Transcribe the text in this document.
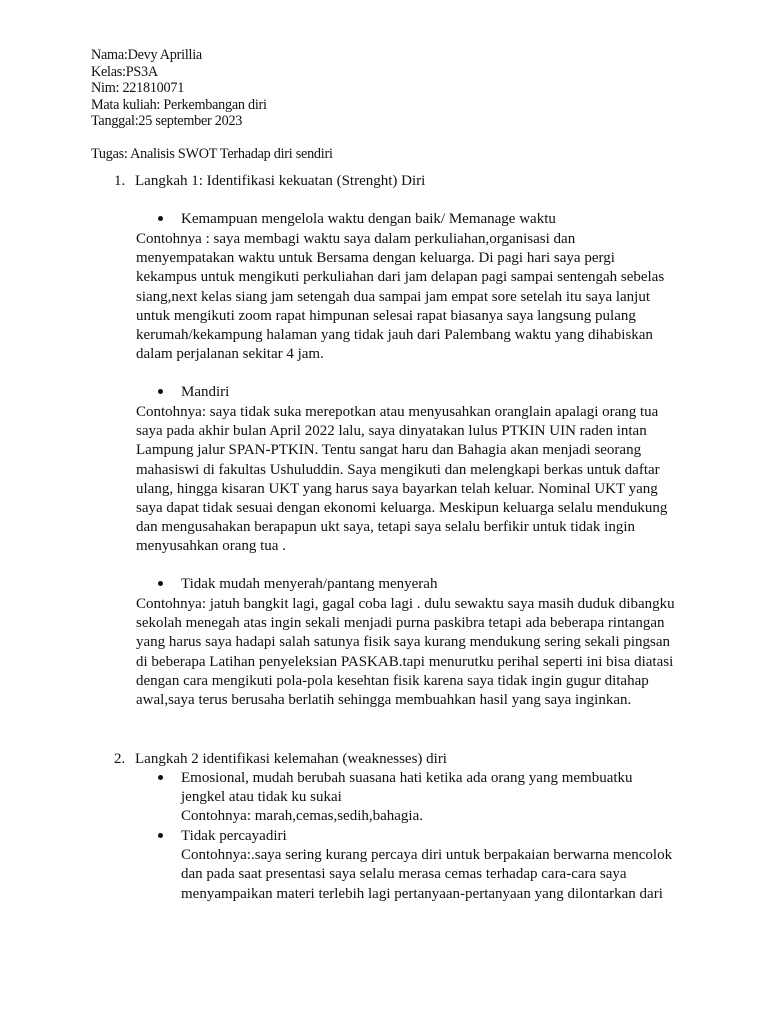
Nama:Devy Aprillia
Kelas:PS3A
Nim: 221810071
Mata kuliah: Perkembangan diri
Tanggal:25 september 2023
Tugas: Analisis SWOT Terhadap diri sendiri
1. Langkah 1: Identifikasi kekuatan (Strenght) Diri
Kemampuan mengelola waktu dengan baik/ Memanage waktu
Contohnya : saya membagi waktu saya dalam perkuliahan,organisasi dan
menyempatakan waktu untuk Bersama dengan keluarga. Di pagi hari saya pergi
kekampus untuk mengikuti perkuliahan dari jam delapan pagi sampai sentengah sebelas
siang,next kelas siang jam setengah dua sampai jam empat sore setelah itu saya lanjut
untuk mengikuti zoom rapat himpunan selesai rapat biasanya saya langsung pulang
kerumah/kekampung halaman yang tidak jauh dari Palembang waktu yang dihabiskan
dalam perjalanan sekitar 4 jam.
Mandiri
Contohnya: saya tidak suka merepotkan atau menyusahkan oranglain apalagi orang tua
saya pada akhir bulan April 2022 lalu, saya dinyatakan lulus PTKIN UIN raden intan
Lampung jalur SPAN-PTKIN. Tentu sangat haru dan Bahagia akan menjadi seorang
mahasiswi di fakultas Ushuluddin. Saya mengikuti dan melengkapi berkas untuk daftar
ulang, hingga kisaran UKT yang harus saya bayarkan telah keluar. Nominal UKT yang
saya dapat tidak sesuai dengan ekonomi keluarga. Meskipun keluarga selalu mendukung
dan mengusahakan berapapun ukt saya, tetapi saya selalu berfikir untuk tidak ingin
menyusahkan orang tua .
Tidak mudah menyerah/pantang menyerah
Contohnya: jatuh bangkit lagi, gagal coba lagi . dulu sewaktu saya masih duduk dibangku
sekolah menegah atas ingin sekali menjadi purna paskibra tetapi ada beberapa rintangan
yang harus saya hadapi salah satunya fisik saya kurang mendukung sering sekali pingsan
di beberapa Latihan penyeleksian PASKAB.tapi menurutku perihal seperti ini bisa diatasi
dengan cara mengikuti pola-pola kesehtan fisik karena saya tidak ingin gugur ditahap
awal,saya terus berusaha berlatih sehingga membuahkan hasil yang saya inginkan.
2. Langkah 2 identifikasi kelemahan (weaknesses) diri
Emosional, mudah berubah suasana hati ketika ada orang yang membuatku
jengkel atau tidak ku sukai
Contohnya: marah,cemas,sedih,bahagia.
Tidak percayadiri
Contohnya:.saya sering kurang percaya diri untuk berpakaian berwarna mencolok
dan pada saat presentasi saya selalu merasa cemas terhadap cara-cara saya
menyampaikan materi terlebih lagi pertanyaan-pertanyaan yang dilontarkan dari
